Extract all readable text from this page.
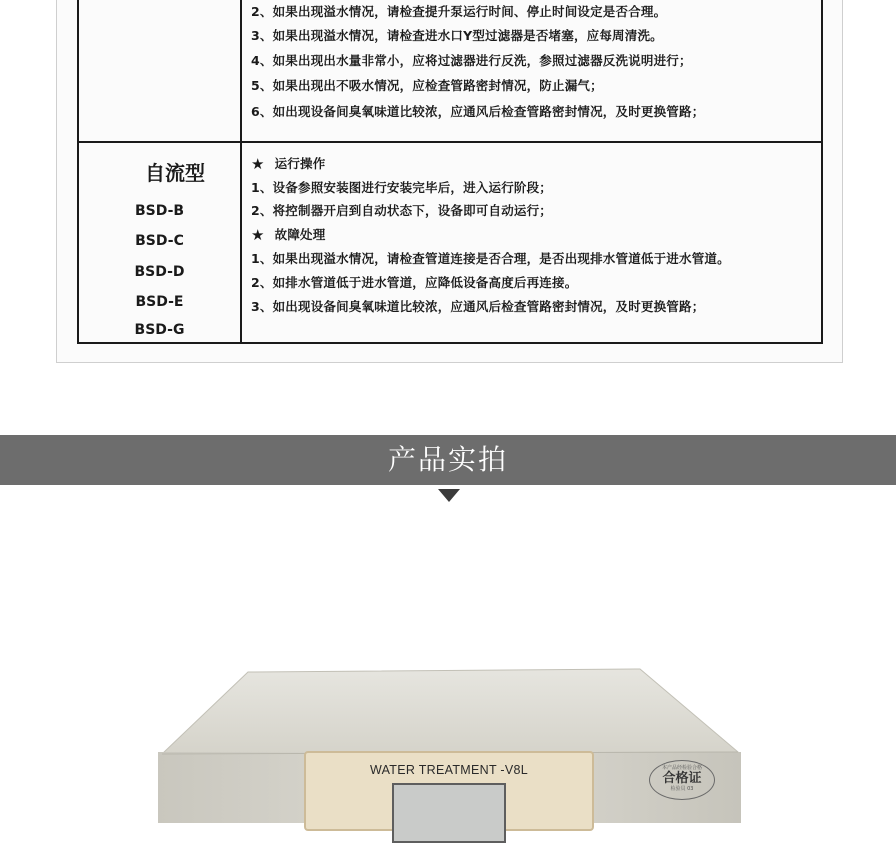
2、如果出现溢水情况，请检查提升泵运行时间、停止时间设定是否合理。
3、如果出现溢水情况，请检查进水口Y型过滤器是否堵塞，应每周清洗。
4、如果出现出水量非常小，应将过滤器进行反洗，参照过滤器反洗说明进行；
5、如果出现出不吸水情况，应检查管路密封情况，防止漏气；
6、如出现设备间臭氧味道比较浓，应通风后检查管路密封情况，及时更换管路；
自流型
BSD-B
BSD-C
BSD-D
BSD-E
BSD-G
★ 运行操作
1、设备参照安装图进行安装完毕后，进入运行阶段；
2、将控制器开启到自动状态下，设备即可自动运行；
★ 故障处理
1、如果出现溢水情况，请检查管道连接是否合理，是否出现排水管道低于进水管道。
2、如排水管道低于进水管道，应降低设备高度后再连接。
3、如出现设备间臭氧味道比较浓，应通风后检查管路密封情况，及时更换管路；
产品实拍
WATER TREATMENT -V8L	本产品经检验合格
合格证
检验员 03
